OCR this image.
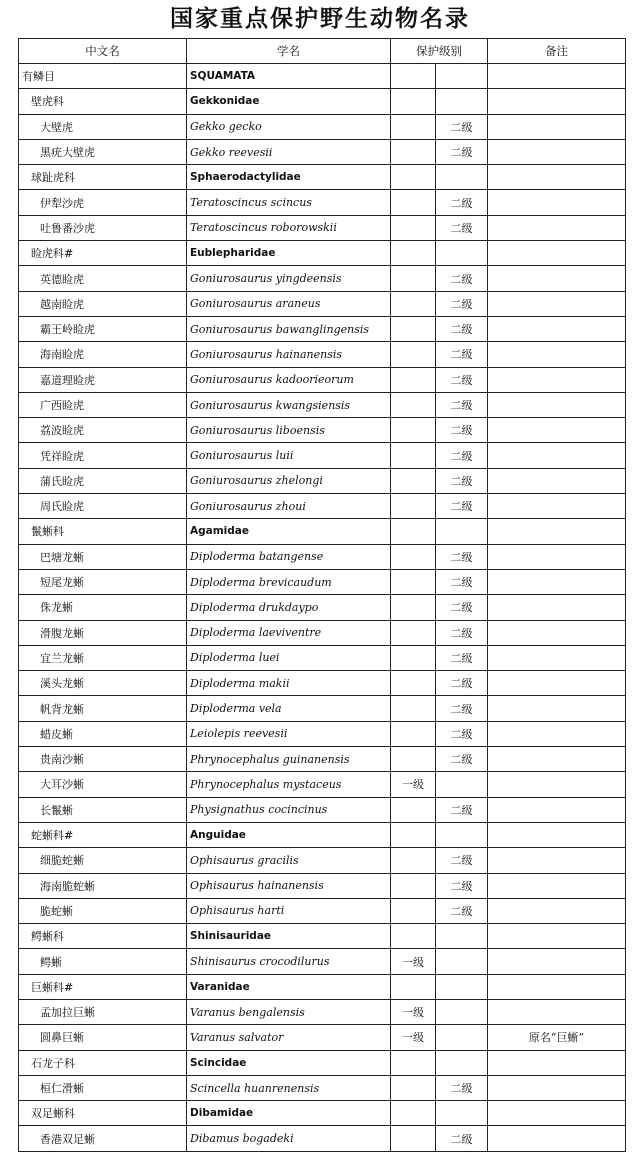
国家重点保护野生动物名录
中文名	学名	保护级别		备注
有鳞目	SQUAMATA			
壁虎科	Gekkonidae			
大壁虎	Gekko gecko		二级	
黑疣大壁虎	Gekko reevesii		二级	
球趾虎科	Sphaerodactylidae			
伊犁沙虎	Teratoscincus scincus		二级	
吐鲁番沙虎	Teratoscincus roborowskii		二级	
睑虎科#	Eublepharidae			
英德睑虎	Goniurosaurus yingdeensis		二级	
越南睑虎	Goniurosaurus araneus		二级	
霸王岭睑虎	Goniurosaurus bawanglingensis		二级	
海南睑虎	Goniurosaurus hainanensis		二级	
嘉道理睑虎	Goniurosaurus kadoorieorum		二级	
广西睑虎	Goniurosaurus kwangsiensis		二级	
荔波睑虎	Goniurosaurus liboensis		二级	
凭祥睑虎	Goniurosaurus luii		二级	
蒲氏睑虎	Goniurosaurus zhelongi		二级	
周氏睑虎	Goniurosaurus zhoui		二级	
鬣蜥科	Agamidae			
巴塘龙蜥	Diploderma batangense		二级	
短尾龙蜥	Diploderma brevicaudum		二级	
侏龙蜥	Diploderma drukdaypo		二级	
滑腹龙蜥	Diploderma laeviventre		二级	
宜兰龙蜥	Diploderma luei		二级	
溪头龙蜥	Diploderma makii		二级	
帆背龙蜥	Diploderma vela		二级	
蜡皮蜥	Leiolepis reevesii		二级	
贵南沙蜥	Phrynocephalus guinanensis		二级	
大耳沙蜥	Phrynocephalus mystaceus	一级		
长鬣蜥	Physignathus cocincinus		二级	
蛇蜥科#	Anguidae			
细脆蛇蜥	Ophisaurus gracilis		二级	
海南脆蛇蜥	Ophisaurus hainanensis		二级	
脆蛇蜥	Ophisaurus harti		二级	
鳄蜥科	Shinisauridae			
鳄蜥	Shinisaurus crocodilurus	一级		
巨蜥科#	Varanidae			
孟加拉巨蜥	Varanus bengalensis	一级		
圆鼻巨蜥	Varanus salvator	一级		原名“巨蜥”
石龙子科	Scincidae			
桓仁滑蜥	Scincella huanrenensis		二级	
双足蜥科	Dibamidae			
香港双足蜥	Dibamus bogadeki		二级	
